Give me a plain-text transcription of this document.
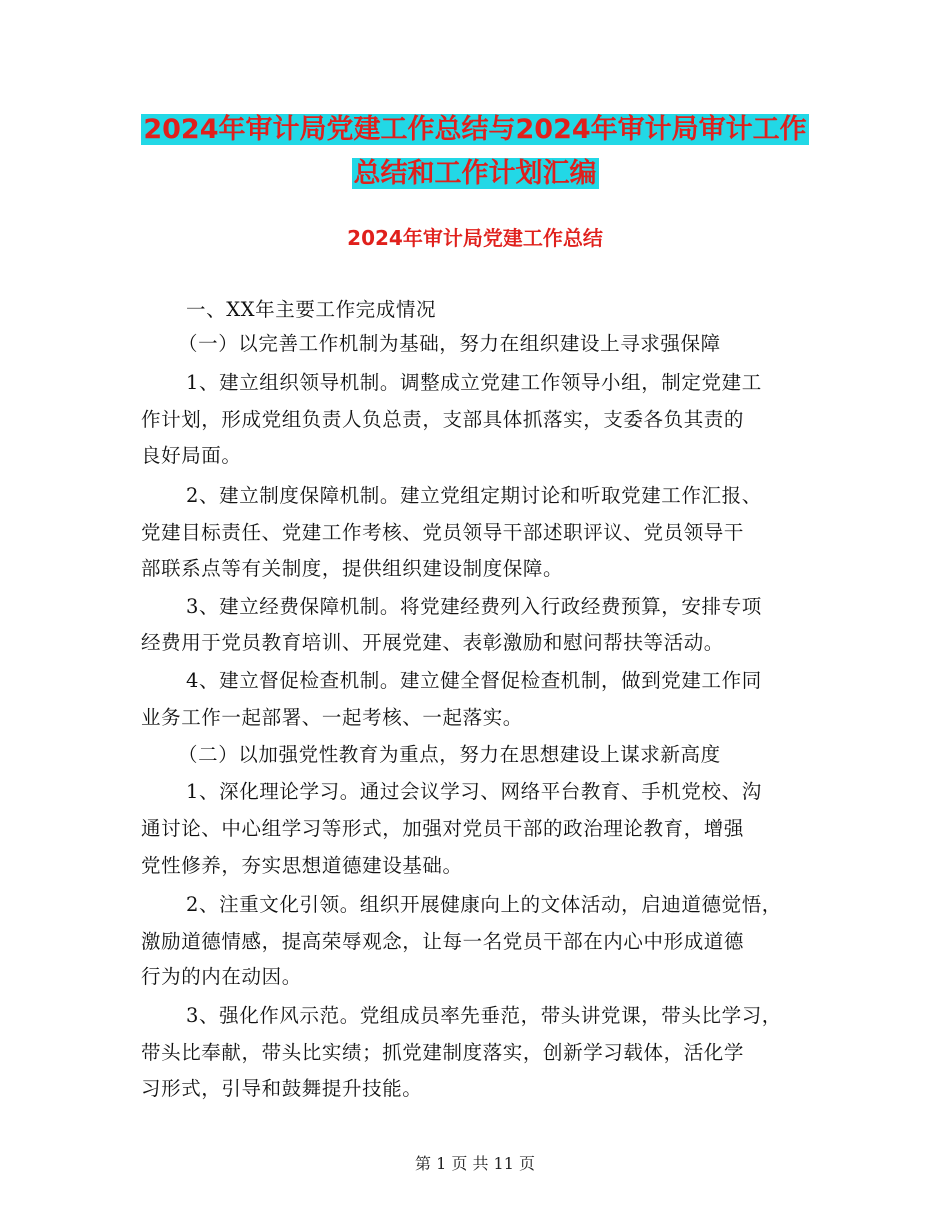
2024年审计局党建工作总结与2024年审计局审计工作
总结和工作计划汇编
2024年审计局党建工作总结
一、XX年主要工作完成情况
（一）以完善工作机制为基础，努力在组织建设上寻求强保障
1、建立组织领导机制。调整成立党建工作领导小组，制定党建工
作计划，形成党组负责人负总责，支部具体抓落实，支委各负其责的
良好局面。
2、建立制度保障机制。建立党组定期讨论和听取党建工作汇报、
党建目标责任、党建工作考核、党员领导干部述职评议、党员领导干
部联系点等有关制度，提供组织建设制度保障。
3、建立经费保障机制。将党建经费列入行政经费预算，安排专项
经费用于党员教育培训、开展党建、表彰激励和慰问帮扶等活动。
4、建立督促检查机制。建立健全督促检查机制，做到党建工作同
业务工作一起部署、一起考核、一起落实。
（二）以加强党性教育为重点，努力在思想建设上谋求新高度
1、深化理论学习。通过会议学习、网络平台教育、手机党校、沟
通讨论、中心组学习等形式，加强对党员干部的政治理论教育，增强
党性修养，夯实思想道德建设基础。
2、注重文化引领。组织开展健康向上的文体活动，启迪道德觉悟，
激励道德情感，提高荣辱观念，让每一名党员干部在内心中形成道德
行为的内在动因。
3、强化作风示范。党组成员率先垂范，带头讲党课，带头比学习，
带头比奉献，带头比实绩；抓党建制度落实，创新学习载体，活化学
习形式，引导和鼓舞提升技能。
第 1 页 共 11 页
